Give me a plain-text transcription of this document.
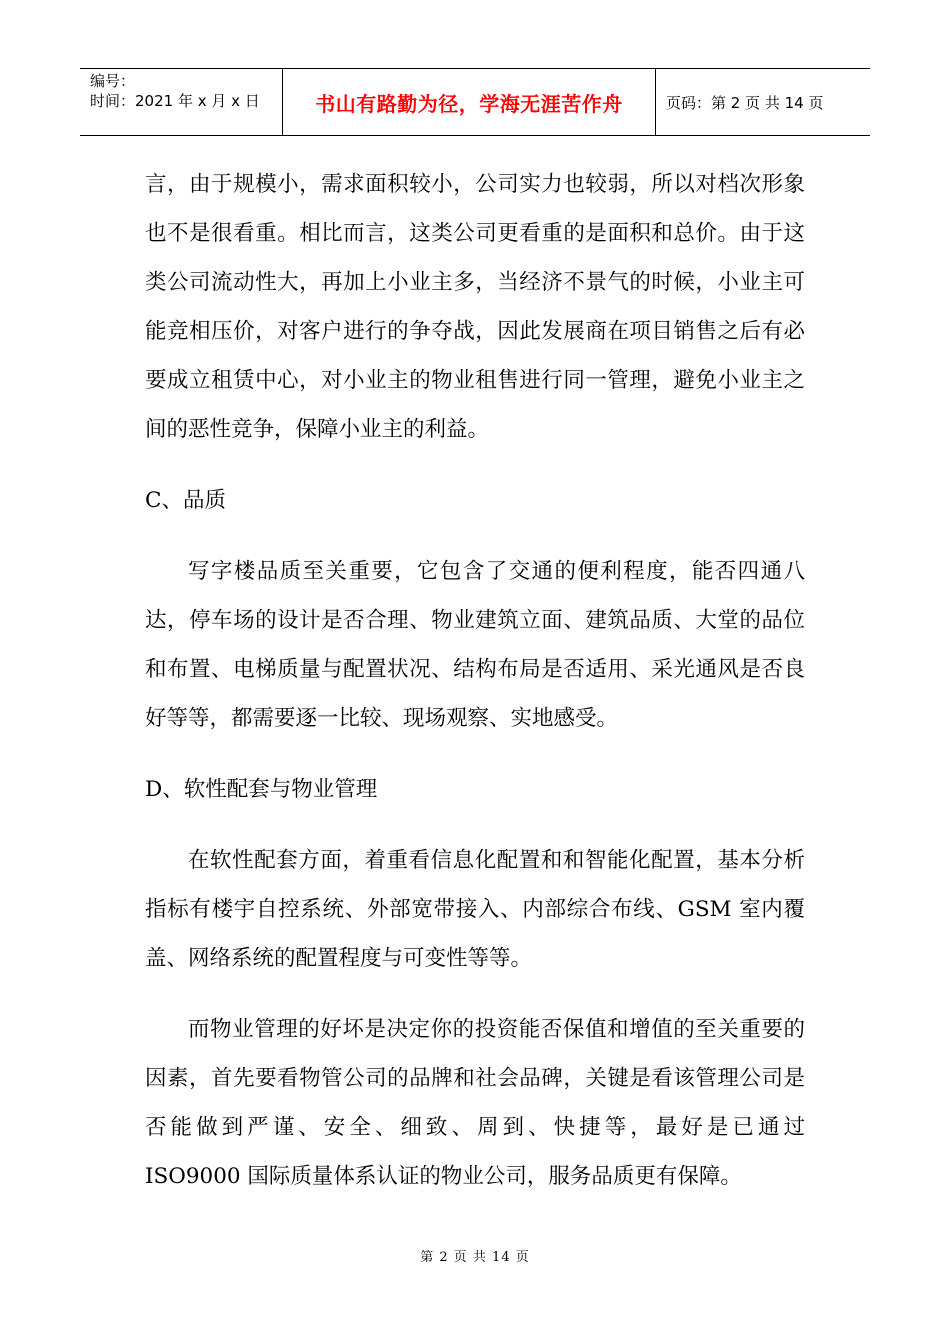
编号：
时间：2021 年 x 月 x 日	书山有路勤为径，学海无涯苦作舟	页码：第 2 页 共 14 页

言，由于规模小，需求面积较小，公司实力也较弱，所以对档次形象也不是很看重。相比而言，这类公司更看重的是面积和总价。由于这类公司流动性大，再加上小业主多，当经济不景气的时候，小业主可能竞相压价，对客户进行的争夺战，因此发展商在项目销售之后有必要成立租赁中心，对小业主的物业租售进行同一管理，避免小业主之间的恶性竞争，保障小业主的利益。

C、品质

写字楼品质至关重要，它包含了交通的便利程度，能否四通八达，停车场的设计是否合理、物业建筑立面、建筑品质、大堂的品位和布置、电梯质量与配置状况、结构布局是否适用、采光通风是否良好等等，都需要逐一比较、现场观察、实地感受。

D、软性配套与物业管理

在软性配套方面，着重看信息化配置和和智能化配置，基本分析指标有楼宇自控系统、外部宽带接入、内部综合布线、GSM 室内覆盖、网络系统的配置程度与可变性等等。

而物业管理的好坏是决定你的投资能否保值和增值的至关重要的因素，首先要看物管公司的品牌和社会品碑，关键是看该管理公司是否能做到严谨、安全、细致、周到、快捷等，最好是已通过 ISO9000 国际质量体系认证的物业公司，服务品质更有保障。

第 2 页 共 14 页
